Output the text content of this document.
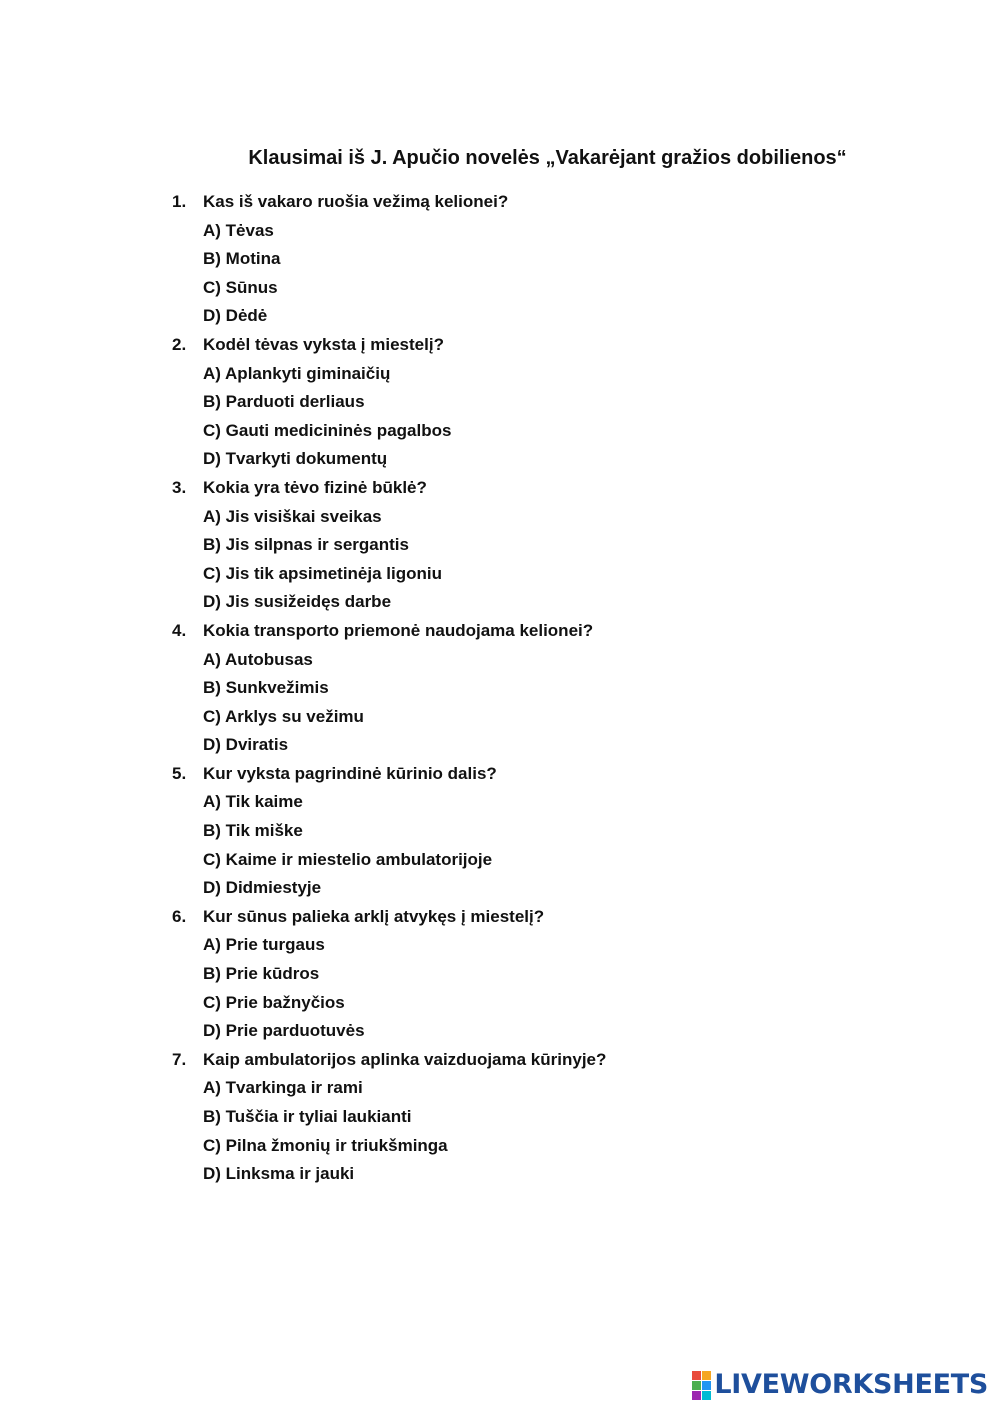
Klausimai iš J. Apučio novelės „Vakarėjant gražios dobilienos“
1. Kas iš vakaro ruošia vežimą kelionei?
A) Tėvas
B) Motina
C) Sūnus
D) Dėdė
2. Kodėl tėvas vyksta į miestelį?
A) Aplankyti giminaičių
B) Parduoti derliaus
C) Gauti medicininės pagalbos
D) Tvarkyti dokumentų
3. Kokia yra tėvo fizinė būklė?
A) Jis visiškai sveikas
B) Jis silpnas ir sergantis
C) Jis tik apsimetinėja ligoniu
D) Jis susižeidęs darbe
4. Kokia transporto priemonė naudojama kelionei?
A) Autobusas
B) Sunkvežimis
C) Arklys su vežimu
D) Dviratis
5. Kur vyksta pagrindinė kūrinio dalis?
A) Tik kaime
B) Tik miške
C) Kaime ir miestelio ambulatorijoje
D) Didmiestyje
6. Kur sūnus palieka arklį atvykęs į miestelį?
A) Prie turgaus
B) Prie kūdros
C) Prie bažnyčios
D) Prie parduotuvės
7. Kaip ambulatorijos aplinka vaizduojama kūrinyje?
A) Tvarkinga ir rami
B) Tuščia ir tyliai laukianti
C) Pilna žmonių ir triukšminga
D) Linksma ir jauki
LIVEWORKSHEETS
